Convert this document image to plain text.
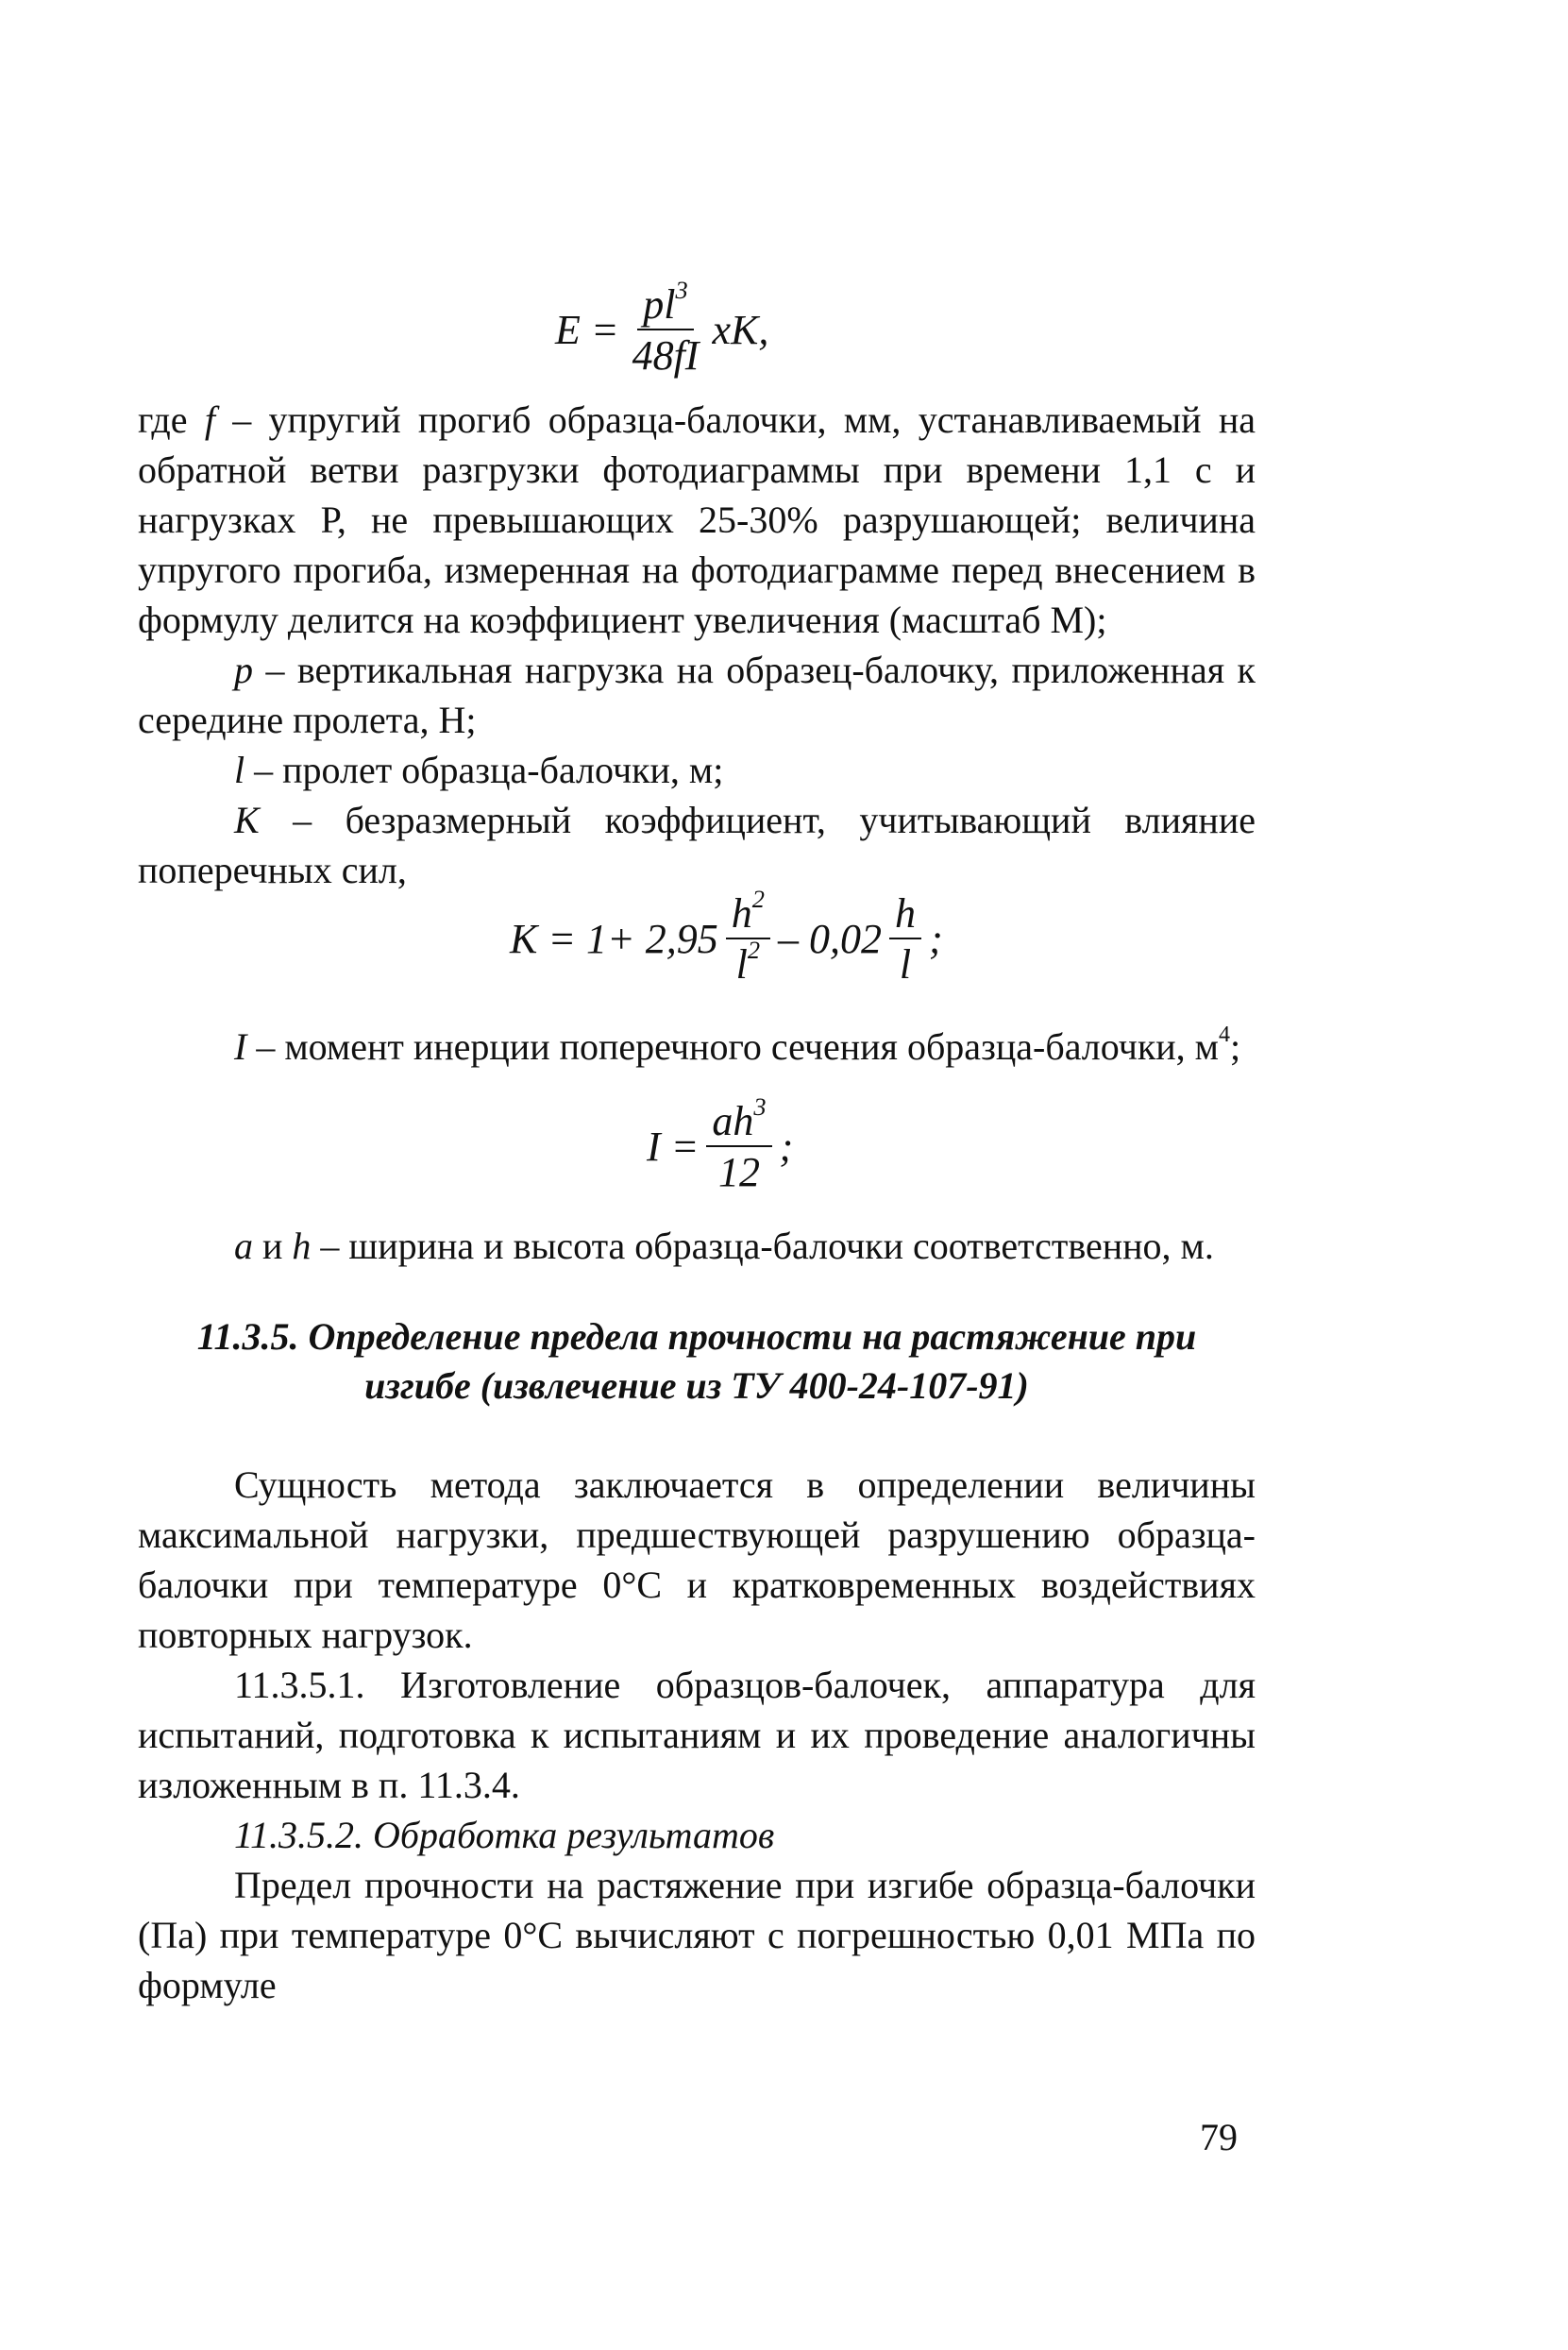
$E = \frac{pl^3}{48fI}$ xK,

где f – упругий прогиб образца-балочки, мм, устанавливаемый на обратной ветви разгрузки фотодиаграммы при времени 1,1 с и нагрузках Р, не превышающих 25-30% разрушающей; величина упругого прогиба, измеренная на фотодиаграмме перед внесением в формулу делится на коэффициент увеличения (масштаб М);

p – вертикальная нагрузка на образец-балочку, приложенная к середине пролета, Н;
l – пролет образца-балочки, м;
K – безразмерный коэффициент, учитывающий влияние поперечных сил,
$K = 1+ 2,95 \frac{h^2}{l^2} - 0,02 \frac{h}{l}$ ;
I – момент инерции поперечного сечения образца-балочки, $м^4$;
$I = \frac{ah^3}{12}$ ;
a и h – ширина и высота образца-балочки соответственно, м.
11.3.5. Определение предела прочности на растяжение при
изгибе (извлечение из ТУ 400-24-107-91)
Сущность метода заключается в определении величины максимальной нагрузки, предшествующей разрушению образца-балочки при температуре 0°С и кратковременных воздействиях повторных нагрузок.
11.3.5.1. Изготовление образцов-балочек, аппаратура для испытаний, подготовка к испытаниям и их проведение аналогичны изложенным в п. 11.3.4.
11.3.5.2. Обработка результатов
Предел прочности на растяжение при изгибе образца-балочки (Па) при температуре 0°С вычисляют с погрешностью 0,01 МПа по формуле
79
